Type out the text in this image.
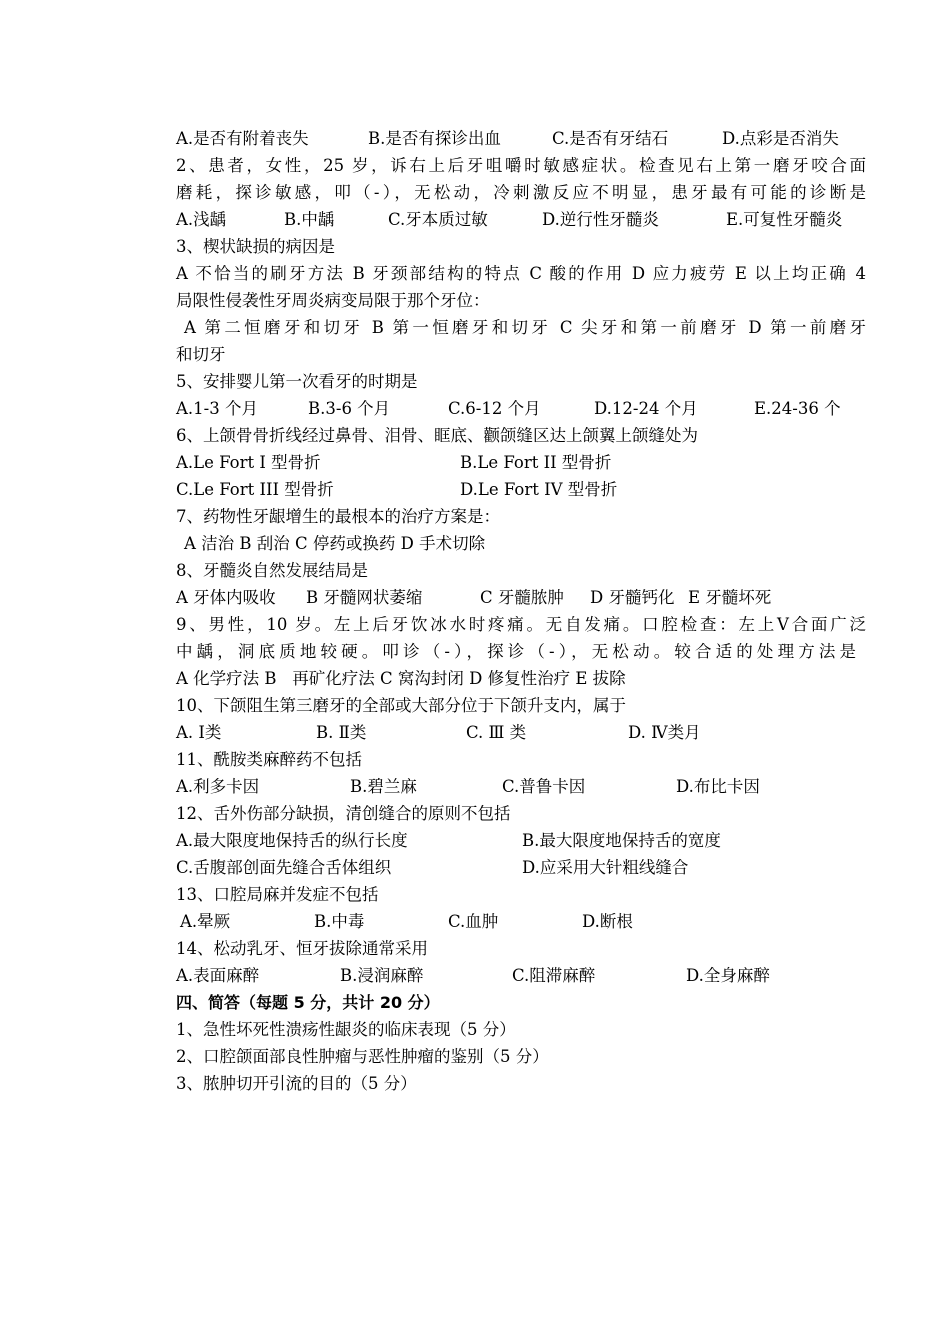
A.是否有附着丧失

	B.是否有探诊出血

	C.是否有牙结石

	D.点彩是否消失

2、患者，女性，25 岁，诉右上后牙咀嚼时敏感症状。检查见右上第一磨牙咬合面
磨耗，探诊敏感，叩（-），无松动，冷刺激反应不明显，患牙最有可能的诊断是

A.浅龋

	B.中龋

	C.牙本质过敏

	D.逆行性牙髓炎

	E.可复性牙髓炎

3、楔状缺损的病因是
A 不恰当的刷牙方法 B 牙颈部结构的特点 C 酸的作用 D 应力疲劳 E 以上均正确 4
局限性侵袭性牙周炎病变局限于那个牙位：
A 第二恒磨牙和切牙 B 第一恒磨牙和切牙 C 尖牙和第一前磨牙 D 第一前磨牙
和切牙
5、安排婴儿第一次看牙的时期是

A.1-3 个月

	B.3-6 个月

	C.6-12 个月

	D.12-24 个月

	E.24-36 个

6、上颌骨骨折线经过鼻骨、泪骨、眶底、颧颌缝区达上颌翼上颌缝处为

A.Le Fort I 型骨折

	B.Le Fort II 型骨折

C.Le Fort III 型骨折

	D.Le Fort IV 型骨折

7、药物性牙龈增生的最根本的治疗方案是：
A 洁治 B 刮治 C 停药或换药 D 手术切除
8、牙髓炎自然发展结局是

A 牙体内吸收

B 牙髓网状萎缩

	C 牙髓脓肿

D 牙髓钙化

E 牙髓坏死

9、男性，10 岁。左上后牙饮冰水时疼痛。无自发痛。口腔检查：左上Ⅴ合面广泛
中龋，洞底质地较硬。叩诊（-），探诊（-），无松动。较合适的处理方法是
A 化学疗法 B   再矿化疗法 C 窝沟封闭 D 修复性治疗 E 拔除
10、下颌阻生第三磨牙的全部或大部分位于下颌升支内，属于

A. Ⅰ类

	B. Ⅱ类

	C. Ⅲ 类

	D. Ⅳ类月

11、酰胺类麻醉药不包括

A.利多卡因

	B.碧兰麻

	C.普鲁卡因

	D.布比卡因

12、舌外伤部分缺损，清创缝合的原则不包括

A.最大限度地保持舌的纵行长度

	B.最大限度地保持舌的宽度

C.舌腹部创面先缝合舌体组织

	D.应采用大针粗线缝合

13、口腔局麻并发症不包括

A.晕厥

	B.中毒

	C.血肿

	D.断根

14、松动乳牙、恒牙拔除通常采用

A.表面麻醉

	B.浸润麻醉

	C.阻滞麻醉

	D.全身麻醉

四、简答（每题 5 分，共计 20 分）
1、急性坏死性溃疡性龈炎的临床表现（5 分）
2、口腔颌面部良性肿瘤与恶性肿瘤的鉴别（5 分）
3、脓肿切开引流的目的（5 分）
